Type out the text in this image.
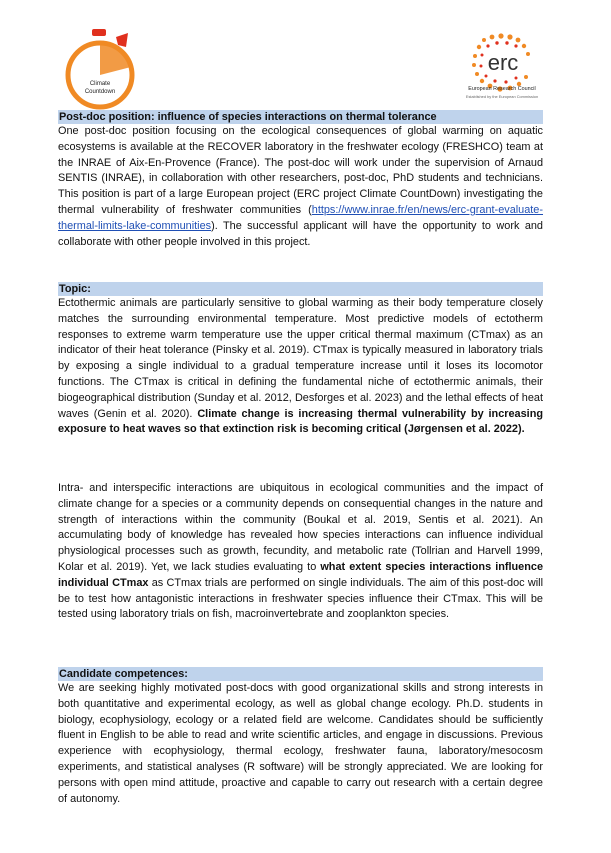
Climate
Countdown
erc
European Research Council
Established by the European Commission
Post-doc position: influence of species interactions on thermal tolerance

One post-doc position focusing on the ecological consequences of global warming on aquatic ecosystems is available at the RECOVER laboratory in the freshwater ecology (FRESHCO) team at the INRAE of Aix-En-Provence (France). The post-doc will work under the supervision of Arnaud SENTIS (INRAE), in collaboration with other researchers, post-doc, PhD students and technicians. This position is part of a large European project (ERC project Climate CountDown) investigating the thermal vulnerability of freshwater communities (https://www.inrae.fr/en/news/erc-grant-evaluate-thermal-limits-lake-communities). The successful applicant will have the opportunity to work and collaborate with other people involved in this project.

Topic:

Ectothermic animals are particularly sensitive to global warming as their body temperature closely matches the surrounding environmental temperature. Most predictive models of ectotherm responses to extreme warm temperature use the upper critical thermal maximum (CTmax) as an indicator of their heat tolerance (Pinsky et al. 2019). CTmax is typically measured in laboratory trials by exposing a single individual to a gradual temperature increase until it loses its locomotor functions. The CTmax is critical in defining the fundamental niche of ectothermic animals, their biogeographical distribution (Sunday et al. 2012, Desforges et al. 2023) and the lethal effects of heat waves (Genin et al. 2020). Climate change is increasing thermal vulnerability by increasing exposure to heat waves so that extinction risk is becoming critical (Jørgensen et al. 2022).

Intra- and interspecific interactions are ubiquitous in ecological communities and the impact of climate change for a species or a community depends on consequential changes in the nature and strength of interactions within the community (Boukal et al. 2019, Sentis et al. 2021). An accumulating body of knowledge has revealed how species interactions can influence individual physiological processes such as growth, fecundity, and metabolic rate (Tollrian and Harvell 1999, Kolar et al. 2019). Yet, we lack studies evaluating to what extent species interactions influence individual CTmax as CTmax trials are performed on single individuals. The aim of this post-doc will be to test how antagonistic interactions in freshwater species influence their CTmax. This will be tested using laboratory trials on fish, macroinvertebrate and zooplankton species.

Candidate competences:

We are seeking highly motivated post-docs with good organizational skills and strong interests in both quantitative and experimental ecology, as well as global change ecology. Ph.D. students in biology, ecophysiology, ecology or a related field are welcome. Candidates should be sufficiently fluent in English to be able to read and write scientific articles, and engage in discussions. Previous experience with ecophysiology, thermal ecology, freshwater fauna, laboratory/mesocosm experiments, and statistical analyses (R software) will be strongly appreciated. We are looking for persons with open mind attitude, proactive and capable to carry out research with a certain degree of autonomy.
